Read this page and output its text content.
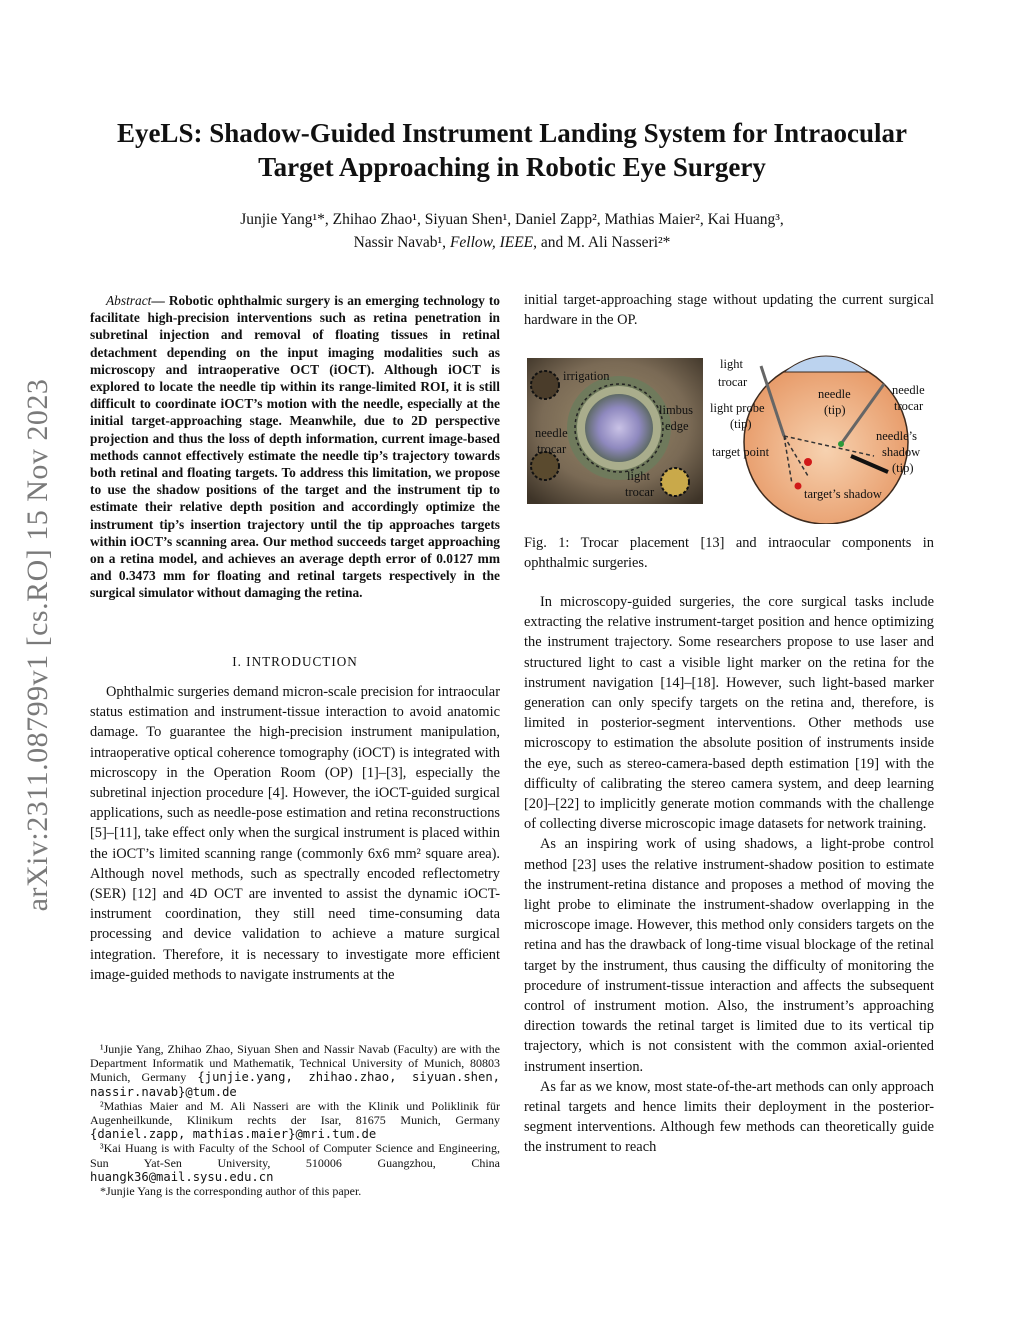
arXiv:2311.08799v1 [cs.RO] 15 Nov 2023
EyeLS: Shadow-Guided Instrument Landing System for Intraocular
Target Approaching in Robotic Eye Surgery
Junjie Yang¹*, Zhihao Zhao¹, Siyuan Shen¹, Daniel Zapp², Mathias Maier², Kai Huang³,
Nassir Navab¹, Fellow, IEEE, and M. Ali Nasseri²*

Abstract— Robotic ophthalmic surgery is an emerging technology to facilitate high-precision interventions such as retina penetration in subretinal injection and removal of floating tissues in retinal detachment depending on the input imaging modalities such as microscopy and intraoperative OCT (iOCT). Although iOCT is explored to locate the needle tip within its range-limited ROI, it is still difficult to coordinate iOCT’s motion with the needle, especially at the initial target-approaching stage. Meanwhile, due to 2D perspective projection and thus the loss of depth information, current image-based methods cannot effectively estimate the needle tip’s trajectory towards both retinal and floating targets. To address this limitation, we propose to use the shadow positions of the target and the instrument tip to estimate their relative depth position and accordingly optimize the instrument tip’s insertion trajectory until the tip approaches targets within iOCT’s scanning area. Our method succeeds target approaching on a retina model, and achieves an average depth error of 0.0127 mm and 0.3473 mm for floating and retinal targets respectively in the surgical simulator without damaging the retina.

I. INTRODUCTION

Ophthalmic surgeries demand micron-scale precision for intraocular status estimation and instrument-tissue interaction to avoid anatomic damage. To guarantee the high-precision instrument manipulation, intraoperative optical coherence tomography (iOCT) is integrated with microscopy in the Operation Room (OP) [1]–[3], especially the subretinal injection procedure [4]. However, the iOCT-guided surgical applications, such as needle-pose estimation and retina reconstructions [5]–[11], take effect only when the surgical instrument is placed within the iOCT’s limited scanning range (commonly 6x6 mm² square area). Although novel methods, such as spectrally encoded reflectometry (SER) [12] and 4D OCT are invented to assist the dynamic iOCT-instrument coordination, they still need time-consuming data processing and device validation to achieve a mature surgical integration. Therefore, it is necessary to investigate more efficient image-guided methods to navigate instruments at the

¹Junjie Yang, Zhihao Zhao, Siyuan Shen and Nassir Navab (Faculty) are with the Department Informatik und Mathematik, Technical University of Munich, 80803 Munich, Germany {junjie.yang, zhihao.zhao, siyuan.shen, nassir.navab}@tum.de

²Mathias Maier and M. Ali Nasseri are with the Klinik und Poliklinik für Augenheilkunde, Klinikum rechts der Isar, 81675 Munich, Germany {daniel.zapp, mathias.maier}@mri.tum.de

³Kai Huang is with Faculty of the School of Computer Science and Engineering, Sun Yat-Sen University, 510006 Guangzhou, China huangk36@mail.sysu.edu.cn

*Junjie Yang is the corresponding author of this paper.

initial target-approaching stage without updating the current surgical hardware in the OP.

irrigation
needle
trocar
limbus
edge
light
trocar
light
trocar
needle
(tip)
needle
trocar
light probe
(tip)
needle’s
shadow
(tip)
target point
target’s shadow

Fig. 1: Trocar placement [13] and intraocular components in ophthalmic surgeries.

In microscopy-guided surgeries, the core surgical tasks include extracting the relative instrument-target position and hence optimizing the instrument trajectory. Some researchers propose to use laser and structured light to cast a visible light marker on the retina for the instrument navigation [14]–[18]. However, such light-based marker generation can only specify targets on the retina and, therefore, is limited in posterior-segment interventions. Other methods use microscopy to estimation the absolute position of instruments inside the eye, such as stereo-camera-based depth estimation [19] with the difficulty of calibrating the stereo camera system, and deep learning [20]–[22] to implicitly generate motion commands with the challenge of collecting diverse microscopic image datasets for network training.

As an inspiring work of using shadows, a light-probe control method [23] uses the relative instrument-shadow position to estimate the instrument-retina distance and proposes a method of moving the light probe to eliminate the instrument-shadow overlapping in the microscope image. However, this method only considers targets on the retina and has the drawback of long-time visual blockage of the retinal target by the instrument, thus causing the difficulty of monitoring the procedure of instrument-tissue interaction and affects the subsequent control of instrument motion. Also, the instrument’s approaching direction towards the retinal target is limited due to its vertical tip trajectory, which is not consistent with the common axial-oriented instrument insertion.

As far as we know, most state-of-the-art methods can only approach retinal targets and hence limits their deployment in the posterior-segment interventions. Although few methods can theoretically guide the instrument to reach
